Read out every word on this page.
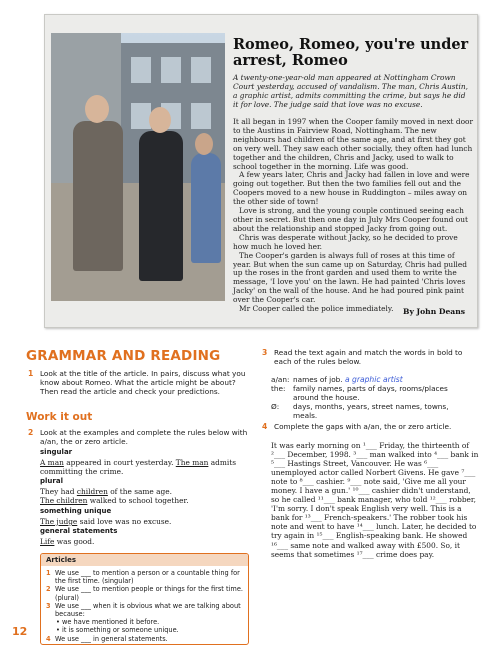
Romeo, Romeo, you're under arrest, Romeo
A twenty-one-year-old man appeared at Nottingham Crown Court yesterday, accused of vandalism. The man, Chris Austin, a graphic artist, admits committing the crime, but says he did it for love. The judge said that love was no excuse.

It all began in 1997 when the Cooper family moved in next door to the Austins in Fairview Road, Nottingham. The new neighbours had children of the same age, and at first they got on very well. They saw each other socially, they often had lunch together and the children, Chris and Jacky, used to walk to school together in the morning. Life was good.

A few years later, Chris and Jacky had fallen in love and were going out together. But then the two families fell out and the Coopers moved to a new house in Ruddington – miles away on the other side of town!

Love is strong, and the young couple continued seeing each other in secret. But then one day in July Mrs Cooper found out about the relationship and stopped Jacky from going out.

Chris was desperate without Jacky, so he decided to prove how much he loved her.

The Cooper's garden is always full of roses at this time of year. But when the sun came up on Saturday, Chris had pulled up the roses in the front garden and used them to write the message, 'I love you' on the lawn. He had painted 'Chris loves Jacky' on the wall of the house. And he had poured pink paint over the Cooper's car.

Mr Cooper called the police immediately.	By John Deans
GRAMMAR AND READING
1 Look at the title of the article. In pairs, discuss what you know about Romeo. What the article might be about? Then read the article and check your predictions.
Work it out
2 Look at the examples and complete the rules below with a/an, the or zero article.
singular
A man appeared in court yesterday. The man admits committing the crime.
plural
They had children of the same age.
The children walked to school together.
something unique
The judge said love was no excuse.
general statements
Life was good.
Articles
1 We use ___ to mention a person or a countable thing for the first time. (singular)
2 We use ___ to mention people or things for the first time. (plural)
3 We use ___ when it is obvious what we are talking about because:
• we have mentioned it before.
• it is something or someone unique.
4 We use ___ in general statements.
12
3 Read the text again and match the words in bold to each of the rules below.
a/an: names of job. a graphic artist
the: family names, parts of days, rooms/places around the house.
Ø: days, months, years, street names, towns, meals.
4 Complete the gaps with a/an, the or zero article.
It was early morning on ¹___ Friday, the thirteenth of ²___ December, 1998. ³___ man walked into ⁴___ bank in ⁵___ Hastings Street, Vancouver. He was ⁶___ unemployed actor called Norbert Givens. He gave ⁷___ note to ⁸___ cashier. ⁹___ note said, 'Give me all your money. I have a gun.' ¹⁰___ cashier didn't understand, so he called ¹¹___ bank manager, who told ¹²___ robber, 'I'm sorry. I don't speak English very well. This is a bank for ¹³___ French-speakers.' The robber took his note and went to have ¹⁴___ lunch. Later, he decided to try again in ¹⁵___ English-speaking bank. He showed ¹⁶___ same note and walked away with £500. So, it seems that sometimes ¹⁷___ crime does pay.
